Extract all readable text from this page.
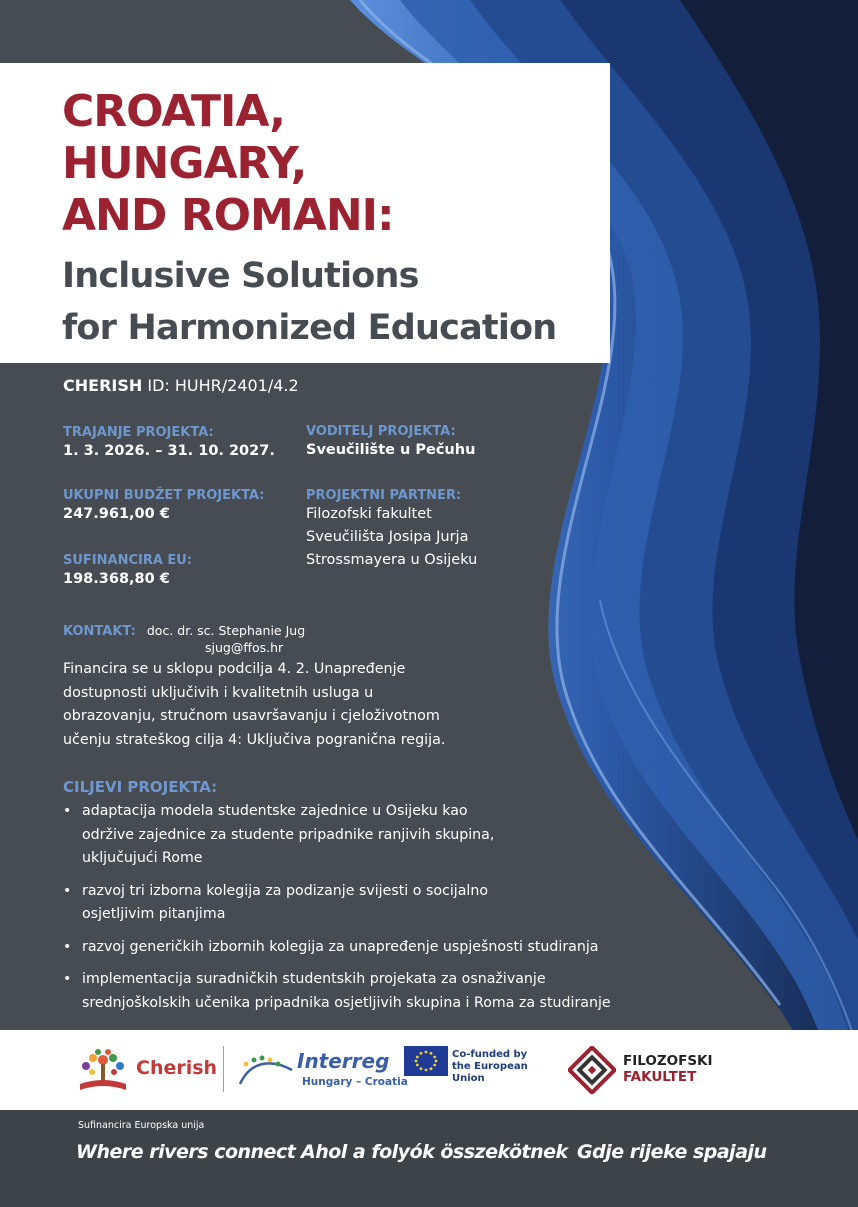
CROATIA,
HUNGARY,
AND ROMANI:
Inclusive Solutions
for Harmonized Education
CHERISH ID: HUHR/2401/4.2
TRAJANJE PROJEKTA:
1. 3. 2026. – 31. 10. 2027.
UKUPNI BUDŽET PROJEKTA:
247.961,00 €
SUFINANCIRA EU:
198.368,80 €
VODITELJ PROJEKTA:
Sveučilište u Pečuhu
PROJEKTNI PARTNER:
Filozofski fakultet
Sveučilišta Josipa Jurja
Strossmayera u Osijeku
KONTAKT: doc. dr. sc. Stephanie Jug
sjug@ffos.hr
Financira se u sklopu podcilja 4. 2. Unapređenje
dostupnosti uključivih i kvalitetnih usluga u
obrazovanju, stručnom usavršavanju i cjeloživotnom
učenju strateškog cilja 4: Uključiva pogranična regija.
CILJEVI PROJEKTA:
• adaptacija modela studentske zajednice u Osijeku kao
održive zajednice za studente pripadnike ranjivih skupina,
uključujući Rome
• razvoj tri izborna kolegija za podizanje svijesti o socijalno
osjetljivim pitanjima
• razvoj generičkih izbornih kolegija za unapređenje uspješnosti studiranja
• implementacija suradničkih studentskih projekata za osnaživanje
srednjoškolskih učenika pripadnika osjetljivih skupina i Roma za studiranje
Cherish	Interreg
Hungary – Croatia
Co-funded by
the European Union
FILOZOFSKI
FAKULTET
Sufinancira Europska unija
Where rivers connect Ahol a folyók összekötnek Gdje rijeke spajaju
